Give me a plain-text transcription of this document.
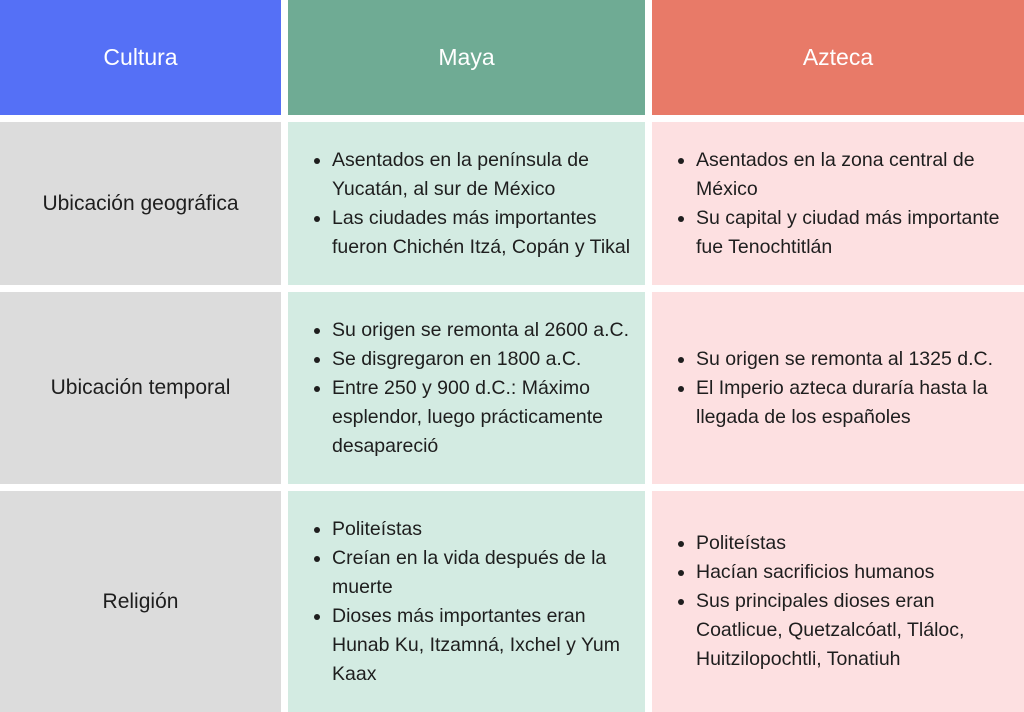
Cultura	Maya	Azteca
Ubicación geográfica
• Asentados en la península de Yucatán, al sur de México
• Las ciudades más importantes fueron Chichén Itzá, Copán y Tikal
• Asentados en la zona central de México
• Su capital y ciudad más importante fue Tenochtitlán
Ubicación temporal
• Su origen se remonta al 2600 a.C.
• Se disgregaron en 1800 a.C.
• Entre 250 y 900 d.C.: Máximo esplendor, luego prácticamente desapareció
• Su origen se remonta al 1325 d.C.
• El Imperio azteca duraría hasta la llegada de los españoles
Religión
• Politeístas
• Creían en la vida después de la muerte
• Dioses más importantes eran Hunab Ku, Itzamná, Ixchel y Yum Kaax
• Politeístas
• Hacían sacrificios humanos
• Sus principales dioses eran Coatlicue, Quetzalcóatl, Tláloc, Huitzilopochtli, Tonatiuh
